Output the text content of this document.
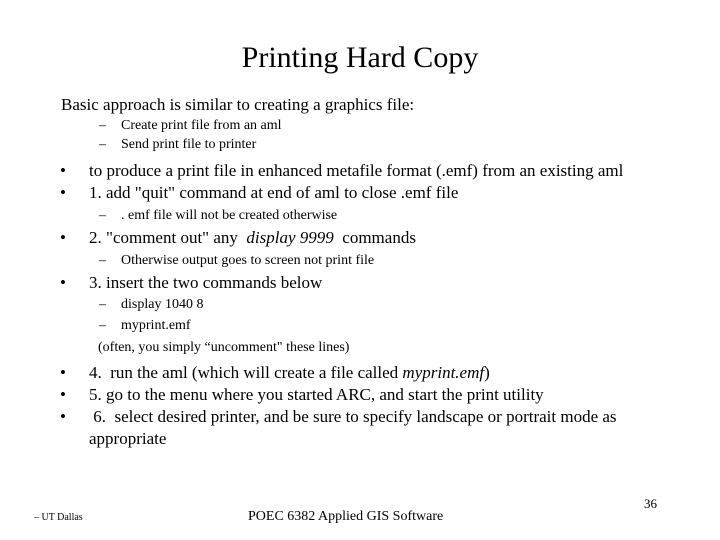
Printing Hard Copy
Basic approach is similar to creating a graphics file:
– Create print file from an aml
– Send print file to printer
• to produce a print file in enhanced metafile format (.emf) from an existing aml
• 1. add "quit" command at end of aml to close .emf file
– . emf file will not be created otherwise
• 2. "comment out" any  display 9999  commands
– Otherwise output goes to screen not print file
• 3. insert the two commands below
– display 1040 8
– myprint.emf
(often, you simply “uncomment" these lines)
• 4.  run the aml (which will create a file called myprint.emf)
• 5. go to the menu where you started ARC, and start the print utility
• 6.  select desired printer, and be sure to specify landscape or portrait mode as
appropriate
– UT Dallas	POEC 6382 Applied GIS Software
36
